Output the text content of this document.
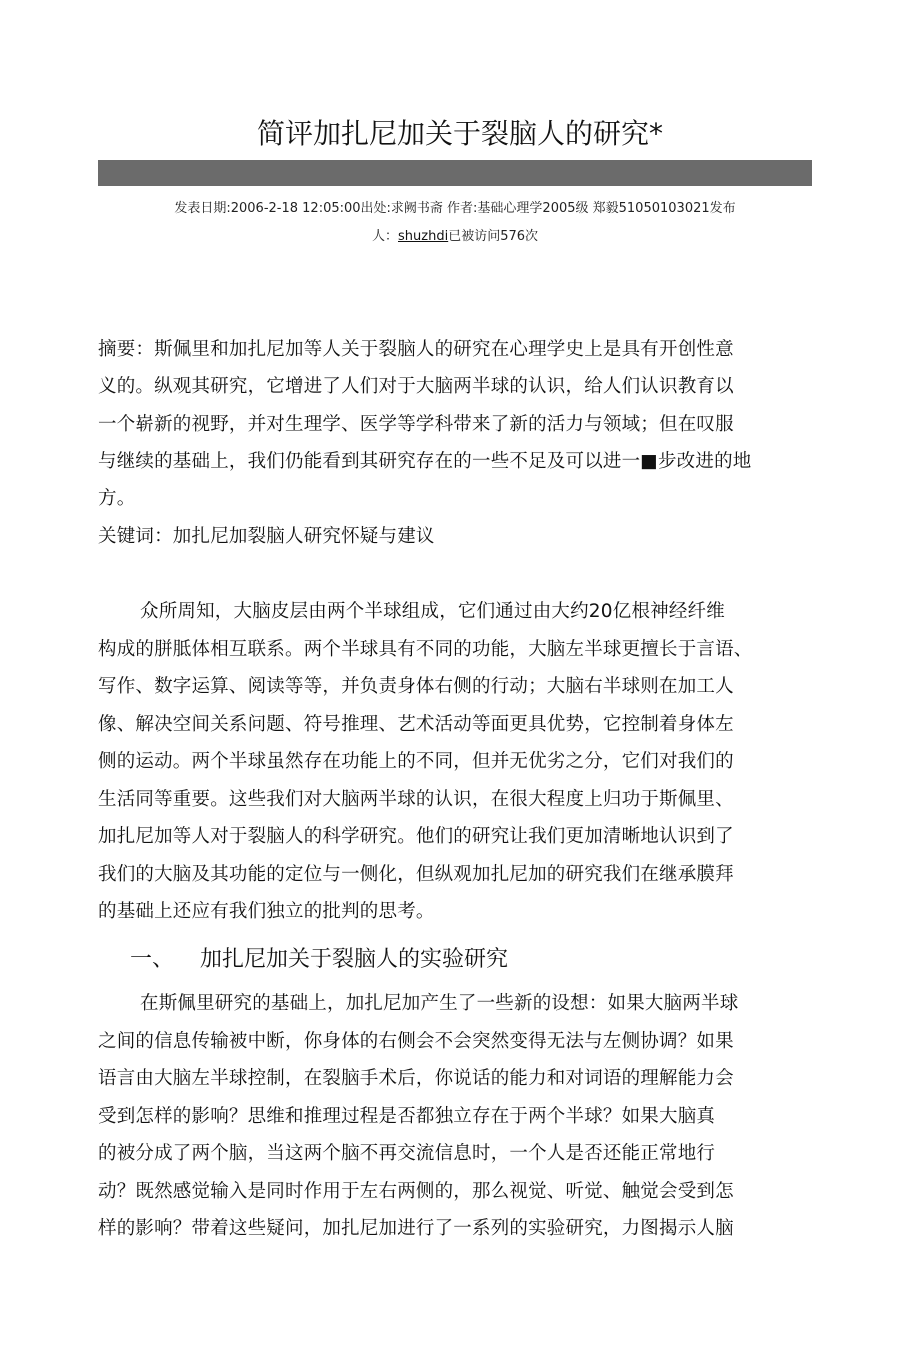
简评加扎尼加关于裂脑人的研究*
发表日期:2006-2-18 12:05:00出处:求阙书斋 作者:基础心理学2005级 郑毅51050103021发布
人：shuzhdi已被访问576次
摘要：斯佩里和加扎尼加等人关于裂脑人的研究在心理学史上是具有开创性意
义的。纵观其研究，它增进了人们对于大脑两半球的认识，给人们认识教育以
一个崭新的视野，并对生理学、医学等学科带来了新的活力与领域；但在叹服
与继续的基础上，我们仍能看到其研究存在的一些不足及可以进一■步改进的地
方。
关键词：加扎尼加裂脑人研究怀疑与建议
众所周知，大脑皮层由两个半球组成，它们通过由大约20亿根神经纤维
构成的胼胝体相互联系。两个半球具有不同的功能，大脑左半球更擅长于言语、
写作、数字运算、阅读等等，并负责身体右侧的行动；大脑右半球则在加工人
像、解决空间关系问题、符号推理、艺术活动等面更具优势，它控制着身体左
侧的运动。两个半球虽然存在功能上的不同，但并无优劣之分，它们对我们的
生活同等重要。这些我们对大脑两半球的认识，在很大程度上归功于斯佩里、
加扎尼加等人对于裂脑人的科学研究。他们的研究让我们更加清晰地认识到了
我们的大脑及其功能的定位与一侧化，但纵观加扎尼加的研究我们在继承膜拜
的基础上还应有我们独立的批判的思考。
一、 加扎尼加关于裂脑人的实验研究
在斯佩里研究的基础上，加扎尼加产生了一些新的设想：如果大脑两半球
之间的信息传输被中断，你身体的右侧会不会突然变得无法与左侧协调？如果
语言由大脑左半球控制，在裂脑手术后，你说话的能力和对词语的理解能力会
受到怎样的影响？思维和推理过程是否都独立存在于两个半球？如果大脑真
的被分成了两个脑，当这两个脑不再交流信息时，一个人是否还能正常地行
动？既然感觉输入是同时作用于左右两侧的，那么视觉、听觉、触觉会受到怎
样的影响？带着这些疑问，加扎尼加进行了一系列的实验研究，力图揭示人脑
